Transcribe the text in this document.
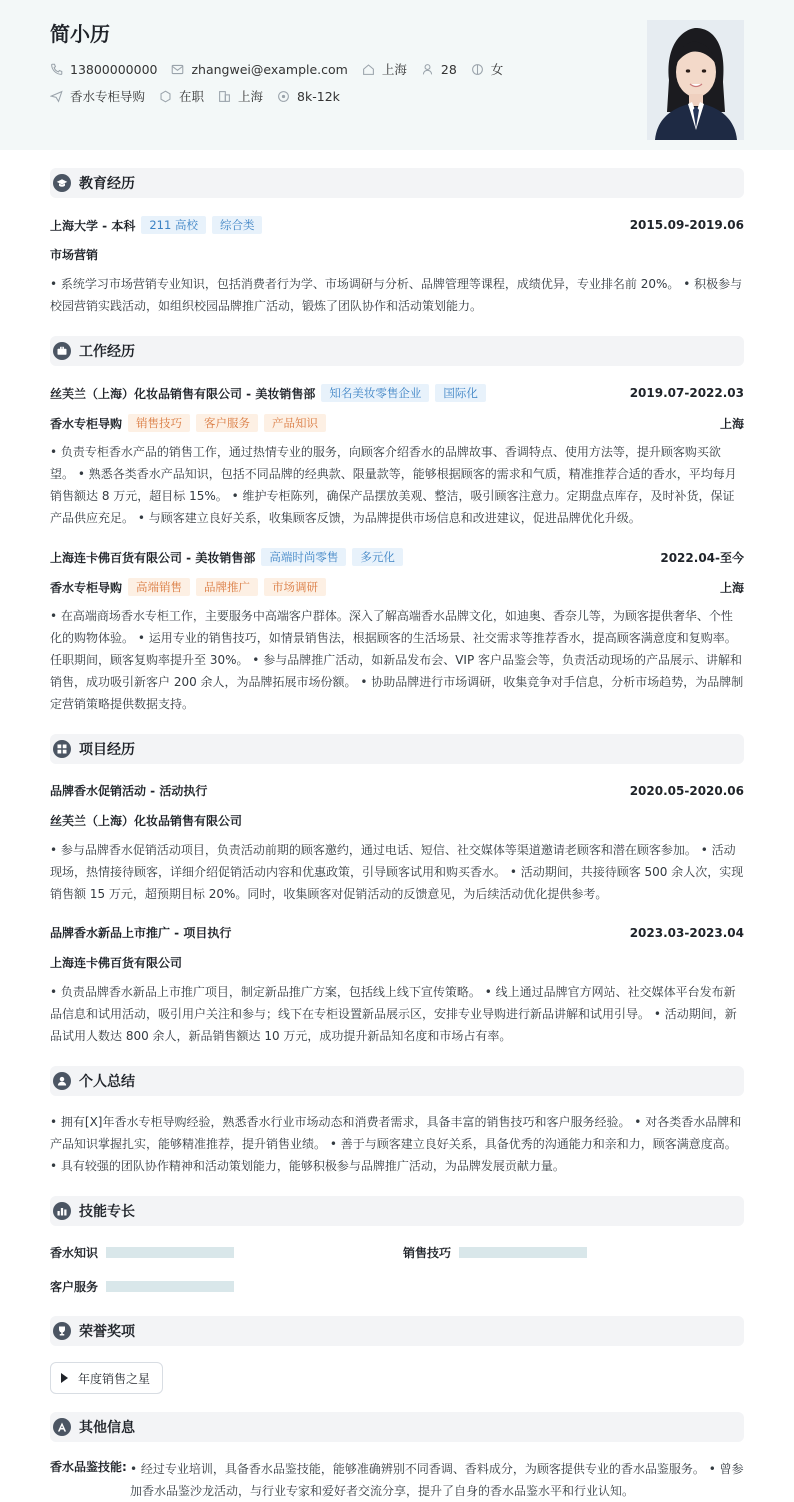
简小历
13800000000	zhangwei@example.com	上海	28	女
香水专柜导购	在职	上海	8k-12k
教育经历
上海大学 - 本科	211 高校	综合类	2015.09-2019.06
市场营销
• 系统学习市场营销专业知识，包括消费者行为学、市场调研与分析、品牌管理等课程，成绩优异，专业排名前 20%。 • 积极参与校园营销实践活动，如组织校园品牌推广活动，锻炼了团队协作和活动策划能力。
工作经历
丝芙兰（上海）化妆品销售有限公司 - 美妆销售部	知名美妆零售企业	国际化	2019.07-2022.03
香水专柜导购	销售技巧	客户服务	产品知识	上海
• 负责专柜香水产品的销售工作，通过热情专业的服务，向顾客介绍香水的品牌故事、香调特点、使用方法等，提升顾客购买欲望。 • 熟悉各类香水产品知识，包括不同品牌的经典款、限量款等，能够根据顾客的需求和气质，精准推荐合适的香水，平均每月销售额达 8 万元，超目标 15%。 • 维护专柜陈列，确保产品摆放美观、整洁，吸引顾客注意力。定期盘点库存，及时补货，保证产品供应充足。 • 与顾客建立良好关系，收集顾客反馈，为品牌提供市场信息和改进建议，促进品牌优化升级。
上海连卡佛百货有限公司 - 美妆销售部	高端时尚零售	多元化	2022.04-至今
香水专柜导购	高端销售	品牌推广	市场调研	上海
• 在高端商场香水专柜工作，主要服务中高端客户群体。深入了解高端香水品牌文化，如迪奥、香奈儿等，为顾客提供奢华、个性化的购物体验。 • 运用专业的销售技巧，如情景销售法，根据顾客的生活场景、社交需求等推荐香水，提高顾客满意度和复购率。任职期间，顾客复购率提升至 30%。 • 参与品牌推广活动，如新品发布会、VIP 客户品鉴会等，负责活动现场的产品展示、讲解和销售，成功吸引新客户 200 余人，为品牌拓展市场份额。 • 协助品牌进行市场调研，收集竞争对手信息，分析市场趋势，为品牌制定营销策略提供数据支持。
项目经历
品牌香水促销活动 - 活动执行	2020.05-2020.06
丝芙兰（上海）化妆品销售有限公司
• 参与品牌香水促销活动项目，负责活动前期的顾客邀约，通过电话、短信、社交媒体等渠道邀请老顾客和潜在顾客参加。 • 活动现场，热情接待顾客，详细介绍促销活动内容和优惠政策，引导顾客试用和购买香水。 • 活动期间，共接待顾客 500 余人次，实现销售额 15 万元，超预期目标 20%。同时，收集顾客对促销活动的反馈意见，为后续活动优化提供参考。
品牌香水新品上市推广 - 项目执行	2023.03-2023.04
上海连卡佛百货有限公司
• 负责品牌香水新品上市推广项目，制定新品推广方案，包括线上线下宣传策略。 • 线上通过品牌官方网站、社交媒体平台发布新品信息和试用活动，吸引用户关注和参与；线下在专柜设置新品展示区，安排专业导购进行新品讲解和试用引导。 • 活动期间，新品试用人数达 800 余人，新品销售额达 10 万元，成功提升新品知名度和市场占有率。
个人总结
• 拥有[X]年香水专柜导购经验，熟悉香水行业市场动态和消费者需求，具备丰富的销售技巧和客户服务经验。 • 对各类香水品牌和产品知识掌握扎实，能够精准推荐，提升销售业绩。 • 善于与顾客建立良好关系，具备优秀的沟通能力和亲和力，顾客满意度高。 • 具有较强的团队协作精神和活动策划能力，能够积极参与品牌推广活动，为品牌发展贡献力量。
技能专长
香水知识	销售技巧
客户服务
荣誉奖项
年度销售之星
其他信息
香水品鉴技能: • 经过专业培训，具备香水品鉴技能，能够准确辨别不同香调、香料成分，为顾客提供专业的香水品鉴服务。 • 曾参加香水品鉴沙龙活动，与行业专家和爱好者交流分享，提升了自身的香水品鉴水平和行业认知。
